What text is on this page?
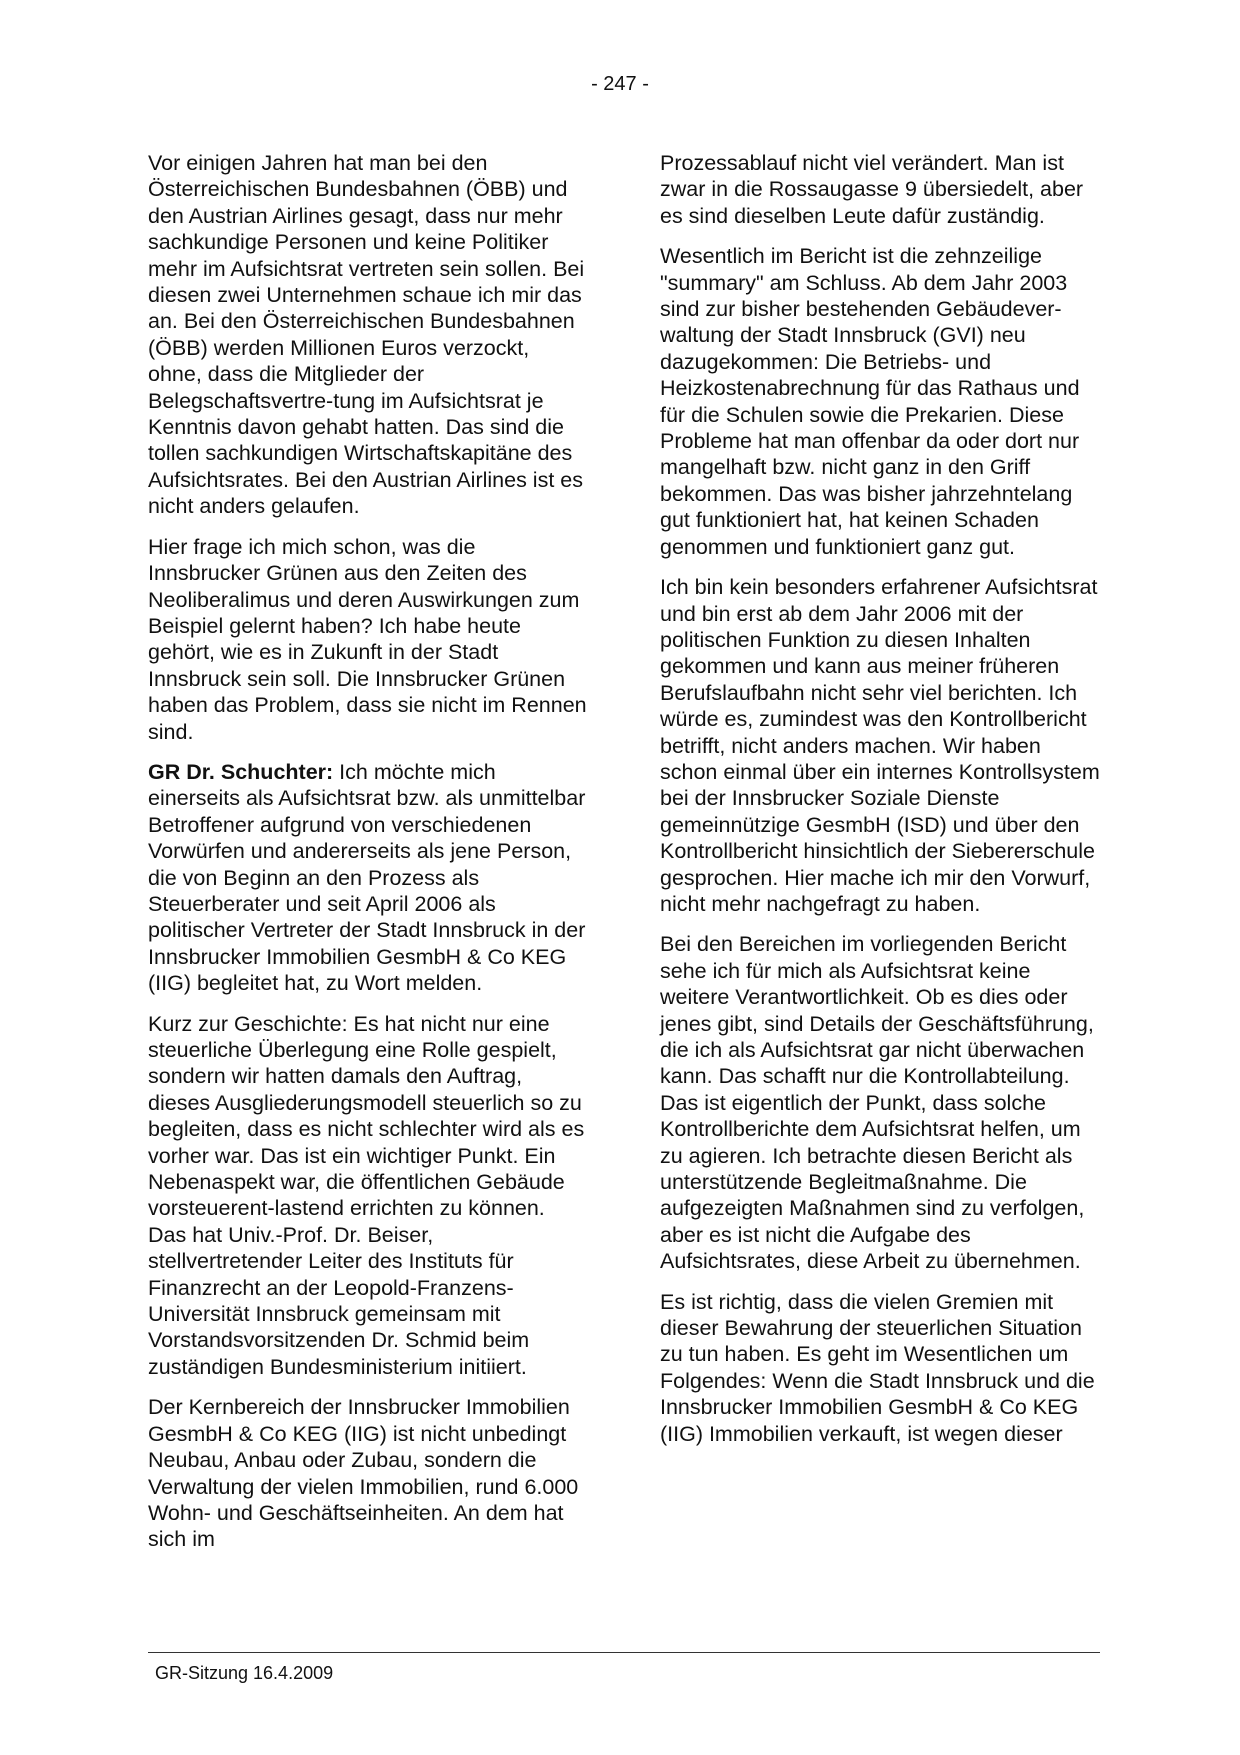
- 247 -

Vor einigen Jahren hat man bei den Österreichischen Bundesbahnen (ÖBB) und den Austrian Airlines gesagt, dass nur mehr sachkundige Personen und keine Politiker mehr im Aufsichtsrat vertreten sein sollen. Bei diesen zwei Unternehmen schaue ich mir das an. Bei den Österreichischen Bundesbahnen (ÖBB) werden Millionen Euros verzockt, ohne, dass die Mitglieder der Belegschaftsvertre-tung im Aufsichtsrat je Kenntnis davon gehabt hatten. Das sind die tollen sachkundigen Wirtschaftskapitäne des Aufsichtsrates. Bei den Austrian Airlines ist es nicht anders gelaufen.

Hier frage ich mich schon, was die Innsbrucker Grünen aus den Zeiten des Neoliberalimus und deren Auswirkungen zum Beispiel gelernt haben? Ich habe heute gehört, wie es in Zukunft in der Stadt Innsbruck sein soll. Die Innsbrucker Grünen haben das Problem, dass sie nicht im Rennen sind.

GR Dr. Schuchter: Ich möchte mich einerseits als Aufsichtsrat bzw. als unmittelbar Betroffener aufgrund von verschiedenen Vorwürfen und andererseits als jene Person, die von Beginn an den Prozess als Steuerberater und seit April 2006 als politischer Vertreter der Stadt Innsbruck in der Innsbrucker Immobilien GesmbH & Co KEG (IIG) begleitet hat, zu Wort melden.

Kurz zur Geschichte: Es hat nicht nur eine steuerliche Überlegung eine Rolle gespielt, sondern wir hatten damals den Auftrag, dieses Ausgliederungsmodell steuerlich so zu begleiten, dass es nicht schlechter wird als es vorher war. Das ist ein wichtiger Punkt. Ein Nebenaspekt war, die öffentlichen Gebäude vorsteuerent-lastend errichten zu können. Das hat Univ.-Prof. Dr. Beiser, stellvertretender Leiter des Instituts für Finanzrecht an der Leopold-Franzens-Universität Innsbruck gemeinsam mit Vorstandsvorsitzenden Dr. Schmid beim zuständigen Bundesministerium initiiert.

Der Kernbereich der Innsbrucker Immobilien GesmbH & Co KEG (IIG) ist nicht unbedingt Neubau, Anbau oder Zubau, sondern die Verwaltung der vielen Immobilien, rund 6.000 Wohn- und Geschäftseinheiten. An dem hat sich im

Prozessablauf nicht viel verändert. Man ist zwar in die Rossaugasse 9 übersiedelt, aber es sind dieselben Leute dafür zuständig.

Wesentlich im Bericht ist die zehnzeilige "summary" am Schluss. Ab dem Jahr 2003 sind zur bisher bestehenden Gebäudever-waltung der Stadt Innsbruck (GVI) neu dazugekommen: Die Betriebs- und Heizkostenabrechnung für das Rathaus und für die Schulen sowie die Prekarien. Diese Probleme hat man offenbar da oder dort nur mangelhaft bzw. nicht ganz in den Griff bekommen. Das was bisher jahrzehntelang gut funktioniert hat, hat keinen Schaden genommen und funktioniert ganz gut.

Ich bin kein besonders erfahrener Aufsichtsrat und bin erst ab dem Jahr 2006 mit der politischen Funktion zu diesen Inhalten gekommen und kann aus meiner früheren Berufslaufbahn nicht sehr viel berichten. Ich würde es, zumindest was den Kontrollbericht betrifft, nicht anders machen. Wir haben schon einmal über ein internes Kontrollsystem bei der Innsbrucker Soziale Dienste gemeinnützige GesmbH (ISD) und über den Kontrollbericht hinsichtlich der Siebererschule gesprochen. Hier mache ich mir den Vorwurf, nicht mehr nachgefragt zu haben.

Bei den Bereichen im vorliegenden Bericht sehe ich für mich als Aufsichtsrat keine weitere Verantwortlichkeit. Ob es dies oder jenes gibt, sind Details der Geschäftsführung, die ich als Aufsichtsrat gar nicht überwachen kann. Das schafft nur die Kontrollabteilung. Das ist eigentlich der Punkt, dass solche Kontrollberichte dem Aufsichtsrat helfen, um zu agieren. Ich betrachte diesen Bericht als unterstützende Begleitmaßnahme. Die aufgezeigten Maßnahmen sind zu verfolgen, aber es ist nicht die Aufgabe des Aufsichtsrates, diese Arbeit zu übernehmen.

Es ist richtig, dass die vielen Gremien mit dieser Bewahrung der steuerlichen Situation zu tun haben. Es geht im Wesentlichen um Folgendes: Wenn die Stadt Innsbruck und die Innsbrucker Immobilien GesmbH & Co KEG (IIG) Immobilien verkauft, ist wegen dieser

GR-Sitzung 16.4.2009
